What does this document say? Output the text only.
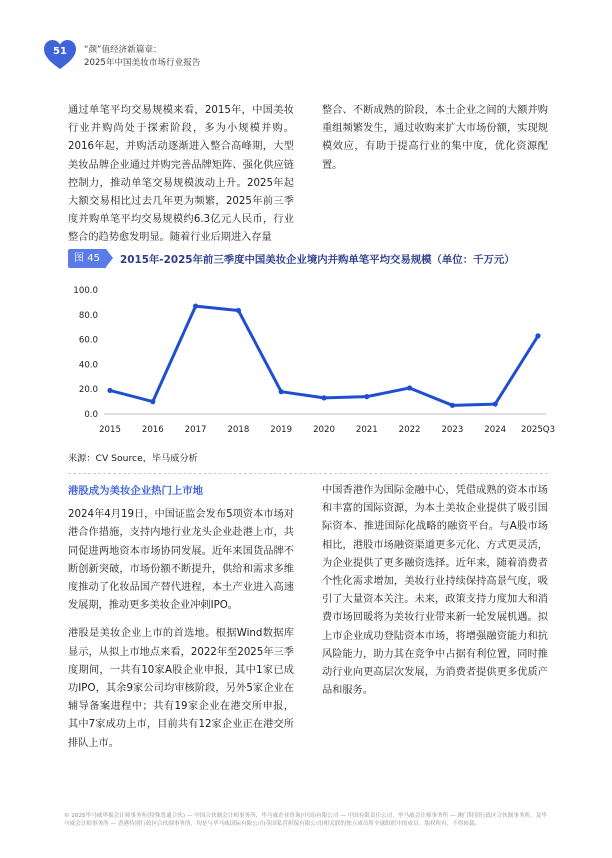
51	“颜”值经济新篇章：
2025年中国美妆市场行业报告

通过单笔平均交易规模来看，2015年，中国美妆行业并购尚处于探索阶段，多为小规模并购。2016年起，并购活动逐渐进入整合高峰期，大型美妆品牌企业通过并购完善品牌矩阵、强化供应链控制力，推动单笔交易规模波动上升。2025年起大额交易相比过去几年更为频繁，2025年前三季度并购单笔平均交易规模约6.3亿元人民币，行业整合的趋势愈发明显。随着行业后期进入存量

整合、不断成熟的阶段，本土企业之间的大额并购重组频繁发生，通过收购来扩大市场份额，实现规模效应，有助于提高行业的集中度，优化资源配置。

图 45	2015年-2025年前三季度中国美妆企业境内并购单笔平均交易规模（单位：千万元）
100.0
80.0
60.0
40.0
20.0
0.0
2015 2016 2017 2018 2019 2020 2021 2022 2023 2024 2025Q3
来源：CV Source，毕马威分析
港股成为美妆企业热门上市地

2024年4月19日，中国证监会发布5项资本市场对港合作措施，支持内地行业龙头企业赴港上市，共同促进两地资本市场协同发展。近年来国货品牌不断创新突破，市场份额不断提升，供给和需求多维度推动了化妆品国产替代进程，本土产业进入高速发展期，推动更多美妆企业冲刺IPO。

港股是美妆企业上市的首选地。根据Wind数据库显示，从拟上市地点来看，2022年至2025年三季度期间，一共有10家A股企业申报，其中1家已成功IPO，其余9家公司均审核阶段，另外5家企业在辅导备案进程中；共有19家企业在港交所申报，其中7家成功上市，目前共有12家企业正在港交所排队上市。

中国香港作为国际金融中心，凭借成熟的资本市场和丰富的国际资源，为本土美妆企业提供了吸引国际资本、推进国际化战略的融资平台。与A股市场相比，港股市场融资渠道更多元化、方式更灵活，为企业提供了更多融资选择。近年来，随着消费者个性化需求增加，美妆行业持续保持高景气度，吸引了大量资本关注。未来，政策支持力度加大和消费市场回暖将为美妆行业带来新一轮发展机遇。拟上市企业成功登陆资本市场，将增强融资能力和抗风险能力，助力其在竞争中占据有利位置，同时推动行业向更高层次发展，为消费者提供更多优质产品和服务。

© 2025毕马威华振会计师事务所(特殊普通合伙) — 中国合伙制会计师事务所，毕马威企业咨询(中国)有限公司 — 中国有限责任公司，毕马威会计师事务所 — 澳门特别行政区合伙制事务所，及毕马威会计师事务所 — 香港特别行政区合伙制事务所，均是与毕马威国际有限公司(英国私营担保有限公司)相关联的独立成员所全球组织中的成员。版权所有，不得转载。
